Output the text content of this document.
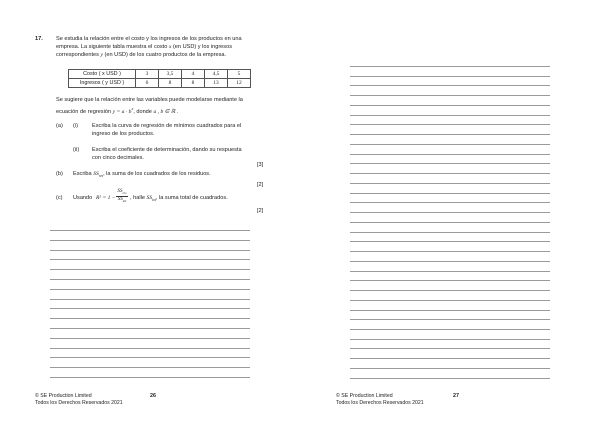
17. Se estudia la relación entre el costo y los ingresos de los productos en una
empresa. La siguiente tabla muestra el costo x (en USD) y los ingresos
correspondientes y (en USD) de los cuatro productos de la empresa.
Costo ( x USD )	3	3,5	4	4,5	5
Ingresos ( y USD )	6	8	8	13	12
Se sugiere que la relación entre las variables puede modelarse mediante la
ecuación de regresión $y = a \cdot b^x$, donde a , b ∈ ℝ .
(a) (i)	Escriba la curva de regresión de mínimos cuadrados para el
ingreso de los productos.
(ii) Escriba el coeficiente de determinación, dando su respuesta
con cinco decimales.
[3]
(b) Escriba $SS_{res}$, la suma de los cuadrados de los residuos.
[2]
(c) Usando R² = 1 −
$SS_{res}$
$SS_{tot}$ , halle $SS_{tot}$, la suma total de cuadrados.
[2]
© SE Production Limited
Todos los Derechos Reservados 2021
26	© SE Production Limited
Todos los Derechos Reservados 2021
27
